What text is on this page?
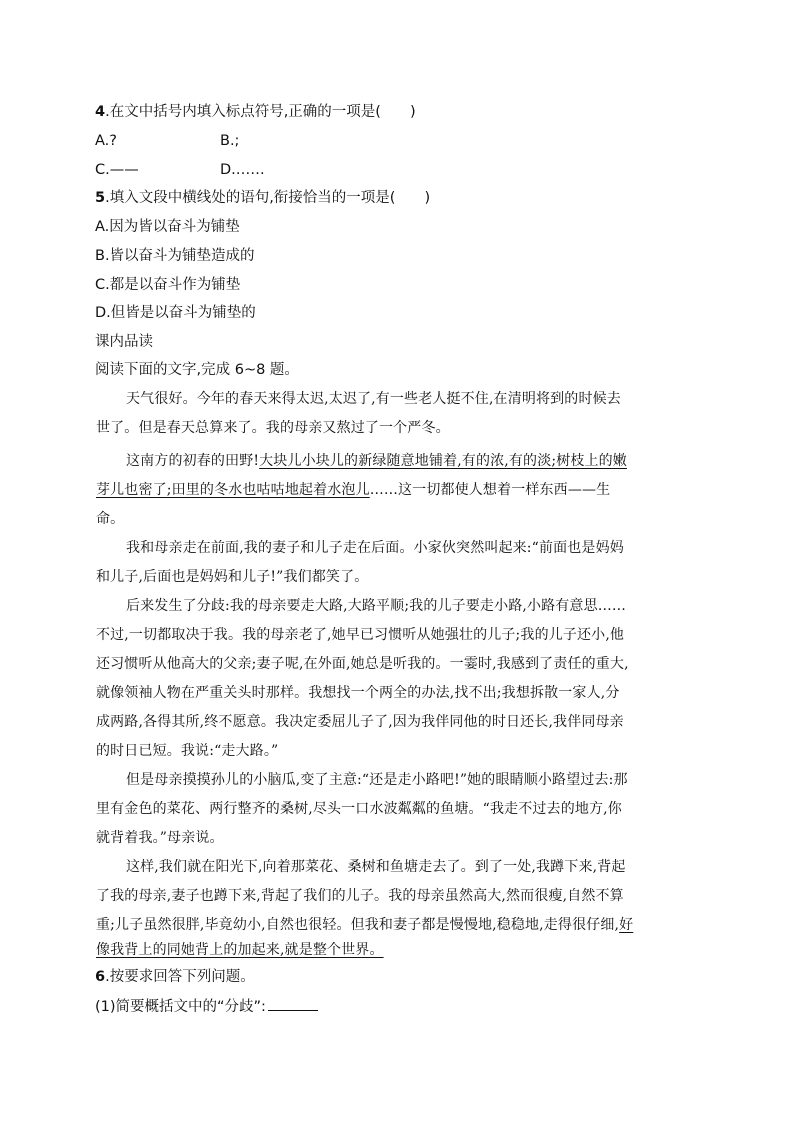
4.在文中括号内填入标点符号,正确的一项是(　　)
A.?	B.;
C.——	D.……
5.填入文段中横线处的语句,衔接恰当的一项是(　　)
A.因为皆以奋斗为铺垫
B.皆以奋斗为铺垫造成的
C.都是以奋斗作为铺垫
D.但皆是以奋斗为铺垫的
课内品读
阅读下面的文字,完成 6~8 题。
天气很好。今年的春天来得太迟,太迟了,有一些老人挺不住,在清明将到的时候去
世了。但是春天总算来了。我的母亲又熬过了一个严冬。
这南方的初春的田野!大块儿小块儿的新绿随意地铺着,有的浓,有的淡;树枝上的嫩
芽儿也密了;田里的冬水也咕咕地起着水泡儿……这一切都使人想着一样东西——生
命。
我和母亲走在前面,我的妻子和儿子走在后面。小家伙突然叫起来:“前面也是妈妈
和儿子,后面也是妈妈和儿子!”我们都笑了。
后来发生了分歧:我的母亲要走大路,大路平顺;我的儿子要走小路,小路有意思……
不过,一切都取决于我。我的母亲老了,她早已习惯听从她强壮的儿子;我的儿子还小,他
还习惯听从他高大的父亲;妻子呢,在外面,她总是听我的。一霎时,我感到了责任的重大,
就像领袖人物在严重关头时那样。我想找一个两全的办法,找不出;我想拆散一家人,分
成两路,各得其所,终不愿意。我决定委屈儿子了,因为我伴同他的时日还长,我伴同母亲
的时日已短。我说:“走大路。”
但是母亲摸摸孙儿的小脑瓜,变了主意:“还是走小路吧!”她的眼睛顺小路望过去:那
里有金色的菜花、两行整齐的桑树,尽头一口水波粼粼的鱼塘。“我走不过去的地方,你
就背着我。”母亲说。
这样,我们就在阳光下,向着那菜花、桑树和鱼塘走去了。到了一处,我蹲下来,背起
了我的母亲,妻子也蹲下来,背起了我们的儿子。我的母亲虽然高大,然而很瘦,自然不算
重;儿子虽然很胖,毕竟幼小,自然也很轻。但我和妻子都是慢慢地,稳稳地,走得很仔细,好
像我背上的同她背上的加起来,就是整个世界。
6.按要求回答下列问题。
(1)简要概括文中的“分歧”:
